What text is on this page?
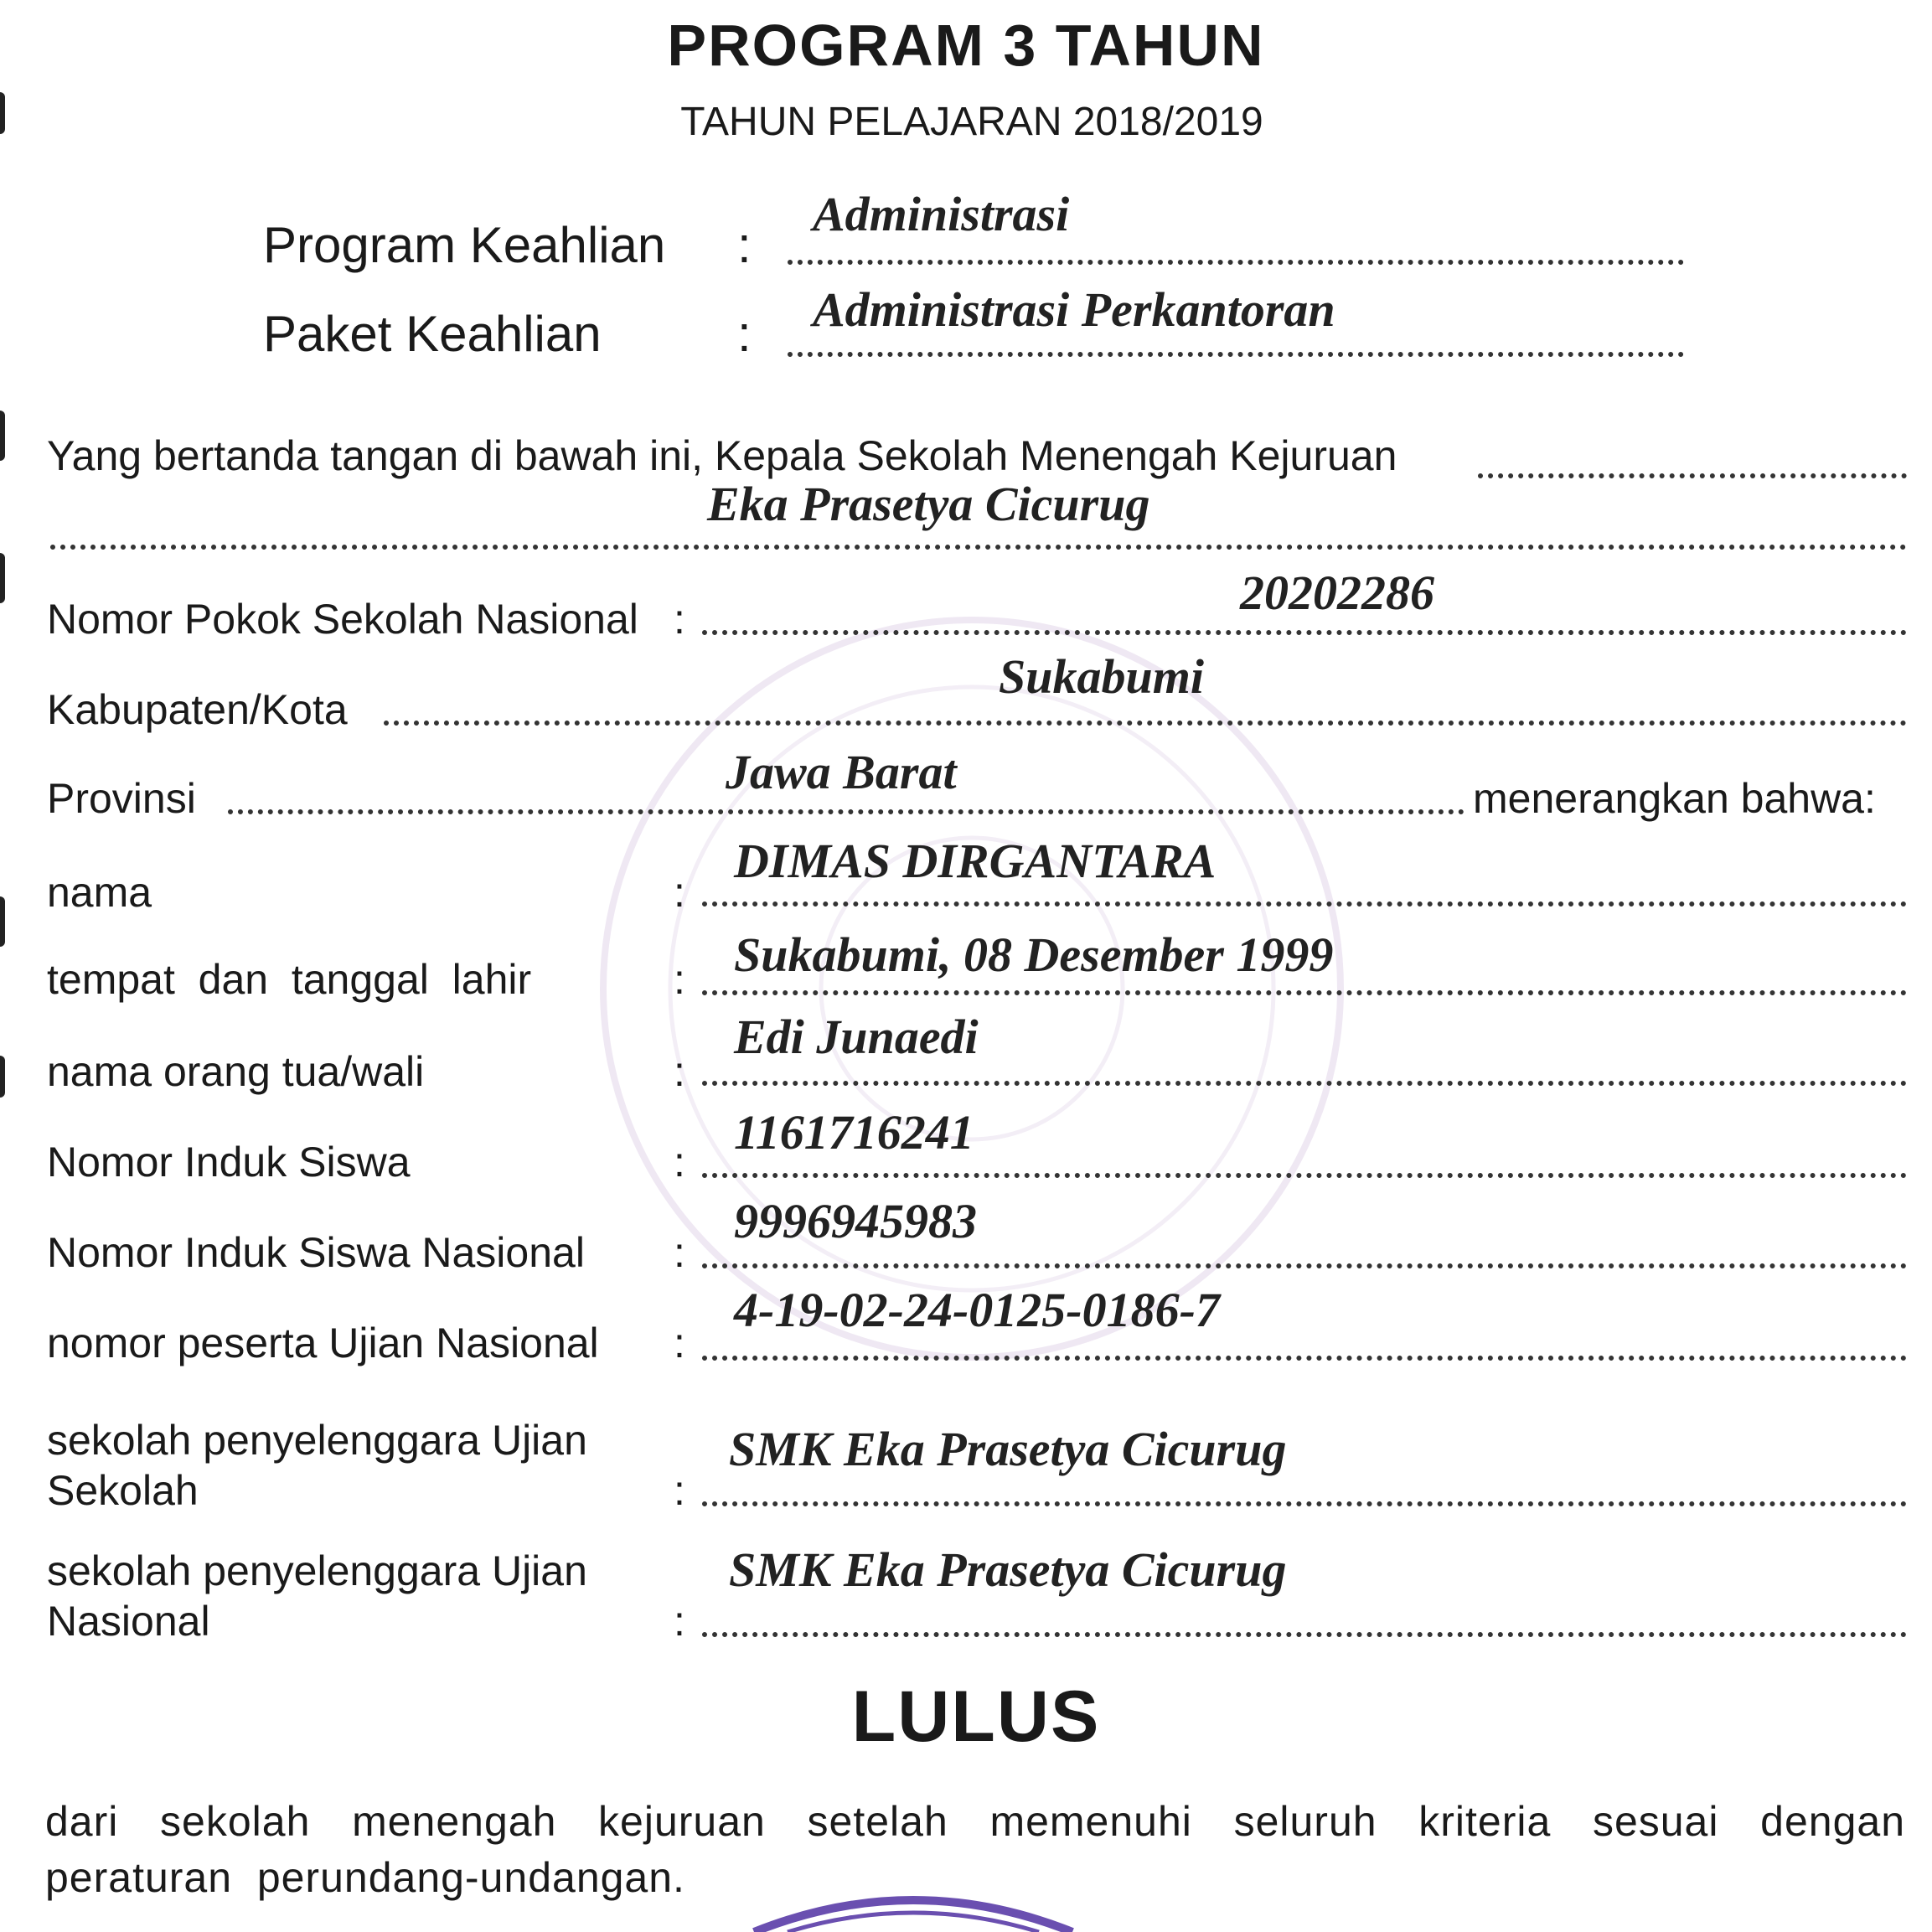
PROGRAM 3 TAHUN
TAHUN PELAJARAN 2018/2019
Program Keahlian :
Administrasi
Paket Keahlian	: Administrasi Perkantoran
Yang bertanda tangan di bawah ini, Kepala Sekolah Menengah Kejuruan
Eka Prasetya Cicurug
Nomor Pokok Sekolah Nasional :	20202286
Kabupaten/Kota
Sukabumi
Provinsi	Jawa Barat	menerangkan bahwa:
nama	:
DIMAS DIRGANTARA
tempat  dan  tanggal  lahir	: Sukabumi, 08 Desember 1999
nama orang tua/wali	:
Edi Junaedi
Nomor Induk Siswa	:
1161716241
Nomor Induk Siswa Nasional :
9996945983
nomor peserta Ujian Nasional :
4-19-02-24-0125-0186-7
sekolah penyelenggara Ujian
Sekolah	:
SMK Eka Prasetya Cicurug
sekolah penyelenggara Ujian
Nasional	:
SMK Eka Prasetya Cicurug
LULUS
dari sekolah menengah kejuruan setelah memenuhi seluruh kriteria sesuai dengan
peraturan  perundang-undangan.
